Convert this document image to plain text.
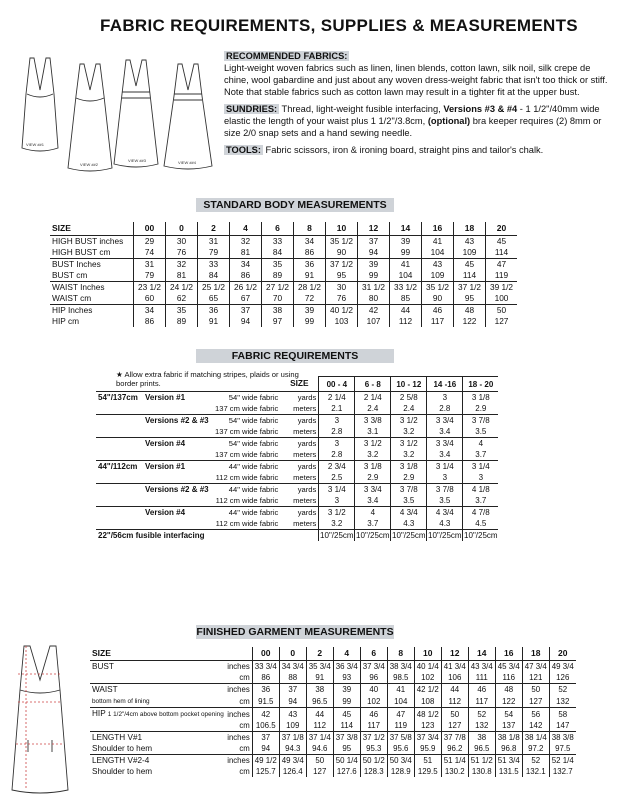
FABRIC REQUIREMENTS, SUPPLIES & MEASUREMENTS
VIEW ##1
VIEW ##2
VIEW ##3	VIEW ##4

RECOMMENDED FABRICS:
Light-weight woven fabrics such as linen, linen blends, cotton lawn, silk noil, silk crepe de chine, wool gabardine and just about any woven dress-weight fabric that isn't too thick or stiff. Note that stable fabrics such as cotton lawn may result in a tighter fit at the upper bust.

SUNDRIES: Thread, light-weight fusible interfacing, Versions #3 & #4 - 1 1/2"/40mm wide elastic the length of your waist plus 1 1/2"/3.8cm, (optional) bra keeper requires (2) 8mm or size 2/0 snap sets and a hand sewing needle.

TOOLS: Fabric scissors, iron & ironing board, straight pins and tailor's chalk.

STANDARD BODY MEASUREMENTS
SIZE	00	0	2	4	6	8	10	12	14	16	18	20
HIGH BUST inches	29	30	31	32	33	34	35 1/2	37	39	41	43	45
HIGH BUST cm	74	76	79	81	84	86	90	94	99	104	109	114
BUST Inches	31	32	33	34	35	36	37 1/2	39	41	43	45	47
BUST cm	79	81	84	86	89	91	95	99	104	109	114	119
WAIST Inches	23 1/2	24 1/2	25 1/2	26 1/2	27 1/2	28 1/2	30	31 1/2	33 1/2	35 1/2	37 1/2	39 1/2
WAIST cm	60	62	65	67	70	72	76	80	85	90	95	100
HIP Inches	34	35	36	37	38	39	40 1/2	42	44	46	48	50
HIP cm	86	89	91	94	97	99	103	107	112	117	122	127
FABRIC REQUIREMENTS
★ Allow extra fabric if matching stripes, plaids or using border prints.
			SIZE	00 - 4	6 - 8	10 - 12	14 -16	18 - 20
54"/137cm	Version #1	54" wide fabric	yards	2 1/4	2 1/4	2 5/8	3	3 1/8
		137 cm wide fabric	meters	2.1	2.4	2.4	2.8	2.9
	Versions #2 & #3	54" wide fabric	yards	3	3 3/8	3 1/2	3 3/4	3 7/8
		137 cm wide fabric	meters	2.8	3.1	3.2	3.4	3.5
	Version #4	54" wide fabric	yards	3	3 1/2	3 1/2	3 3/4	4
		137 cm wide fabric	meters	2.8	3.2	3.2	3.4	3.7
44"/112cm	Version #1	44" wide fabric	yards	2 3/4	3 1/8	3 1/8	3 1/4	3 1/4
		112 cm wide fabric	meters	2.5	2.9	2.9	3	3
	Versions #2 & #3	44" wide fabric	yards	3 1/4	3 3/4	3 7/8	3 7/8	4 1/8
		112 cm wide fabric	meters	3	3.4	3.5	3.5	3.7
	Version #4	44" wide fabric	yards	3 1/2	4	4 3/4	4 3/4	4 7/8
		112 cm wide fabric	meters	3.2	3.7	4.3	4.3	4.5
22"/56cm fusible interfacing				10"/25cm	10"/25cm	10"/25cm	10"/25cm	10"/25cm
FINISHED GARMENT MEASUREMENTS
SIZE		00	0	2	4	6	8	10	12	14	16	18	20
BUST	inches	33 3/4	34 3/4	35 3/4	36 3/4	37 3/4	38 3/4	40 1/4	41 3/4	43 3/4	45 3/4	47 3/4	49 3/4
	cm	86	88	91	93	96	98.5	102	106	111	116	121	126
WAIST	inches	36	37	38	39	40	41	42 1/2	44	46	48	50	52
bottom hem of lining	cm	91.5	94	96.5	99	102	104	108	112	117	122	127	132
HIP 1 1/2"/4cm above bottom pocket opening	inches	42	43	44	45	46	47	48 1/2	50	52	54	56	58
	cm	106.5	109	112	114	117	119	123	127	132	137	142	147
LENGTH V#1	inches	37	37 1/8	37 1/4	37 3/8	37 1/2	37 5/8	37 3/4	37 7/8	38	38 1/8	38 1/4	38 3/8
Shoulder to hem	cm	94	94.3	94.6	95	95.3	95.6	95.9	96.2	96.5	96.8	97.2	97.5
LENGTH V#2-4	inches	49 1/2	49 3/4	50	50 1/4	50 1/2	50 3/4	51	51 1/4	51 1/2	51 3/4	52	52 1/4
Shoulder to hem	cm	125.7	126.4	127	127.6	128.3	128.9	129.5	130.2	130.8	131.5	132.1	132.7
